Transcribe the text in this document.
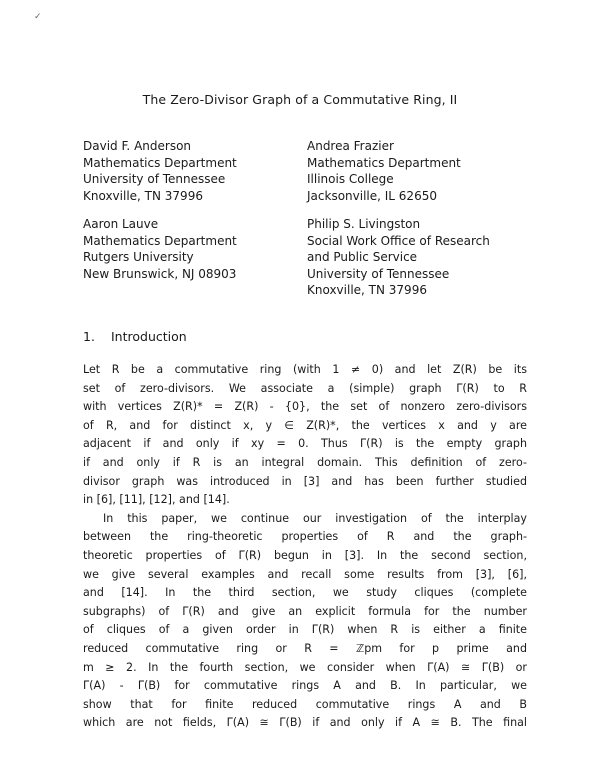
✓
The Zero-Divisor Graph of a Commutative Ring, II
David F. Anderson
Mathematics Department
University of Tennessee
Knoxville, TN 37996
Andrea Frazier
Mathematics Department
Illinois College
Jacksonville, IL 62650
Aaron Lauve
Mathematics Department
Rutgers University
New Brunswick, NJ 08903
Philip S. Livingston
Social Work Office of Research
and Public Service
University of Tennessee
Knoxville, TN 37996
1. Introduction
Let R be a commutative ring (with 1 ≠ 0) and let Z(R) be its
set of zero-divisors. We associate a (simple) graph Γ(R) to R
with vertices Z(R)* = Z(R) - {0}, the set of nonzero zero-divisors
of R, and for distinct x, y ∈ Z(R)*, the vertices x and y are
adjacent if and only if xy = 0. Thus Γ(R) is the empty graph
if and only if R is an integral domain. This definition of zero-
divisor graph was introduced in [3] and has been further studied
in [6], [11], [12], and [14].
In this paper, we continue our investigation of the interplay
between the ring-theoretic properties of R and the graph-
theoretic properties of Γ(R) begun in [3]. In the second section,
we give several examples and recall some results from [3], [6],
and [14]. In the third section, we study cliques (complete
subgraphs) of Γ(R) and give an explicit formula for the number
of cliques of a given order in Γ(R) when R is either a finite
reduced commutative ring or R = ℤpm for p prime and
m ≥ 2. In the fourth section, we consider when Γ(A) ≅ Γ(B) or
Γ(A) - Γ(B) for commutative rings A and B. In particular, we
show that for finite reduced commutative rings A and B
which are not fields, Γ(A) ≅ Γ(B) if and only if A ≅ B. The final
